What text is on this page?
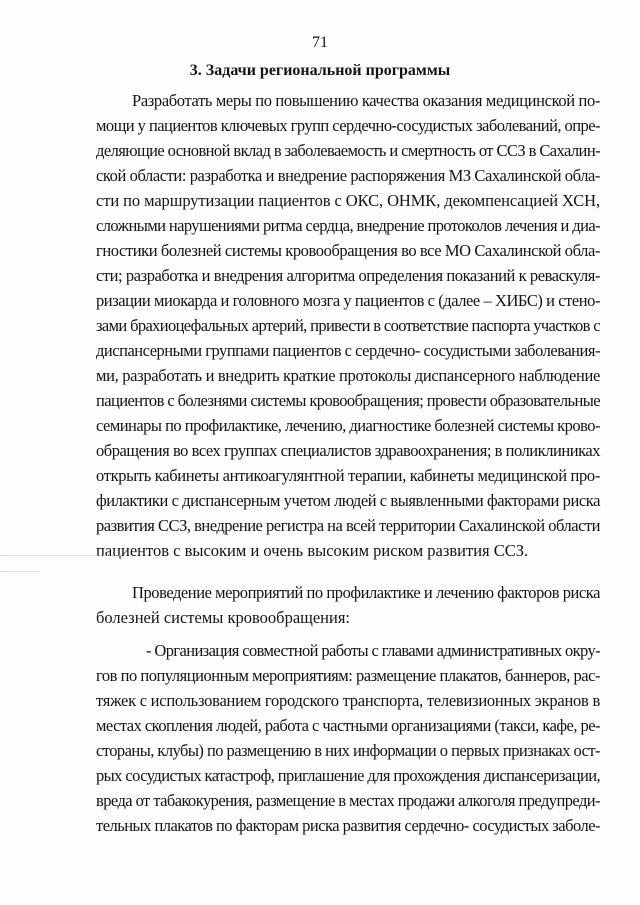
71
3. Задачи региональной программы
Разработать меры по повышению качества оказания медицинской по-
мощи у пациентов ключевых групп сердечно-сосудистых заболеваний, опре-
деляющие основной вклад в заболеваемость и смертность от ССЗ в Сахалин-
ской области: разработка и внедрение распоряжения МЗ Сахалинской обла-
сти по маршрутизации пациентов с ОКС, ОНМК, декомпенсацией ХСН,
сложными нарушениями ритма сердца, внедрение протоколов лечения и диа-
гностики болезней системы кровообращения во все МО Сахалинской обла-
сти; разработка и внедрения алгоритма определения показаний к реваскуля-
ризации миокарда и головного мозга у пациентов с (далее – ХИБС) и стено-
зами брахиоцефальных артерий, привести в соответствие паспорта участков с
диспансерными группами пациентов с сердечно- сосудистыми заболевания-
ми, разработать и внедрить краткие протоколы диспансерного наблюдение
пациентов с болезнями системы кровообращения; провести образовательные
семинары по профилактике, лечению, диагностике болезней системы крово-
обращения во всех группах специалистов здравоохранения; в поликлиниках
открыть кабинеты антикоагулянтной терапии, кабинеты медицинской про-
филактики с диспансерным учетом людей с выявленными факторами риска
развития ССЗ, внедрение регистра на всей территории Сахалинской области
пациентов с высоким и очень высоким риском развития ССЗ.
Проведение мероприятий по профилактике и лечению факторов риска
болезней системы кровообращения:
- Организация совместной работы с главами административных окру-
гов по популяционным мероприятиям: размещение плакатов, баннеров, рас-
тяжек с использованием городского транспорта, телевизионных экранов в
местах скопления людей, работа с частными организациями (такси, кафе, ре-
стораны, клубы) по размещению в них информации о первых признаках ост-
рых сосудистых катастроф, приглашение для прохождения диспансеризации,
вреда от табакокурения, размещение в местах продажи алкоголя предупреди-
тельных плакатов по факторам риска развития сердечно- сосудистых заболе-
